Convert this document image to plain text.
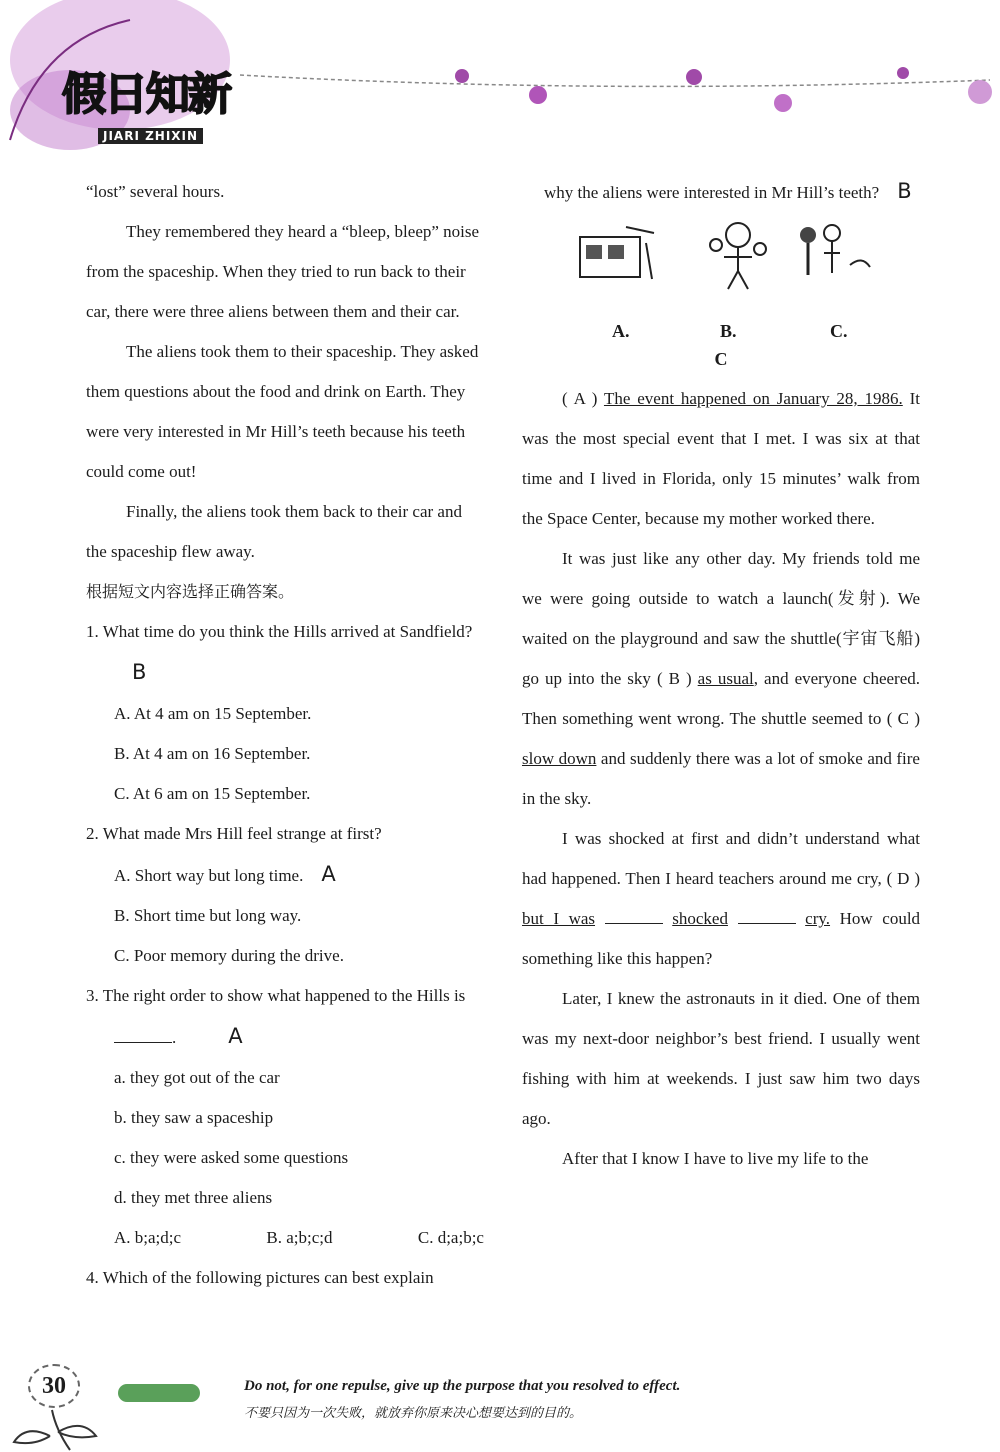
假日知新
JIARI ZHIXIN

“lost” several hours.

They remembered they heard a “bleep, bleep” noise from the spaceship. When they tried to run back to their car, there were three aliens between them and their car.

The aliens took them to their spaceship. They asked them questions about the food and drink on Earth. They were very interested in Mr Hill’s teeth because his teeth could come out!

Finally, the aliens took them back to their car and the spaceship flew away.

根据短文内容选择正确答案。

1. What time do you think the Hills arrived at Sandfield?B

A. At 4 am on 15 September.

B. At 4 am on 16 September.

C. At 6 am on 15 September.

2. What made Mrs Hill feel strange at first?

A. Short way but long time. A

B. Short time but long way.

C. Poor memory during the drive.

3. The right order to show what happened to the Hills is . A

a. they got out of the car

b. they saw a spaceship

c. they were asked some questions

d. they met three aliens

A. b;a;d;c	B. a;b;c;d	C. d;a;b;c

4. Which of the following pictures can best explain

why the aliens were interested in Mr Hill’s teeth? B

A.	B.	C.

C

( A ) The event happened on January 28, 1986. It was the most special event that I met. I was six at that time and I lived in Florida, only 15 minutes’ walk from the Space Center, because my mother worked there.

It was just like any other day. My friends told me we were going outside to watch a launch(发射). We waited on the playground and saw the shuttle(宇宙飞船) go up into the sky ( B ) as usual, and everyone cheered. Then something went wrong. The shuttle seemed to ( C ) slow down and suddenly there was a lot of smoke and fire in the sky.

I was shocked at first and didn’t understand what had happened. Then I heard teachers around me cry, ( D ) but I was	shocked	cry. How could something like this happen?

Later, I knew the astronauts in it died. One of them was my next-door neighbor’s best friend. I usually went fishing with him at weekends. I just saw him two days ago.

After that I know I have to live my life to the

30	Do not, for one repulse, give up the purpose that you resolved to effect.
不要只因为一次失败，就放弃你原来决心想要达到的目的。
